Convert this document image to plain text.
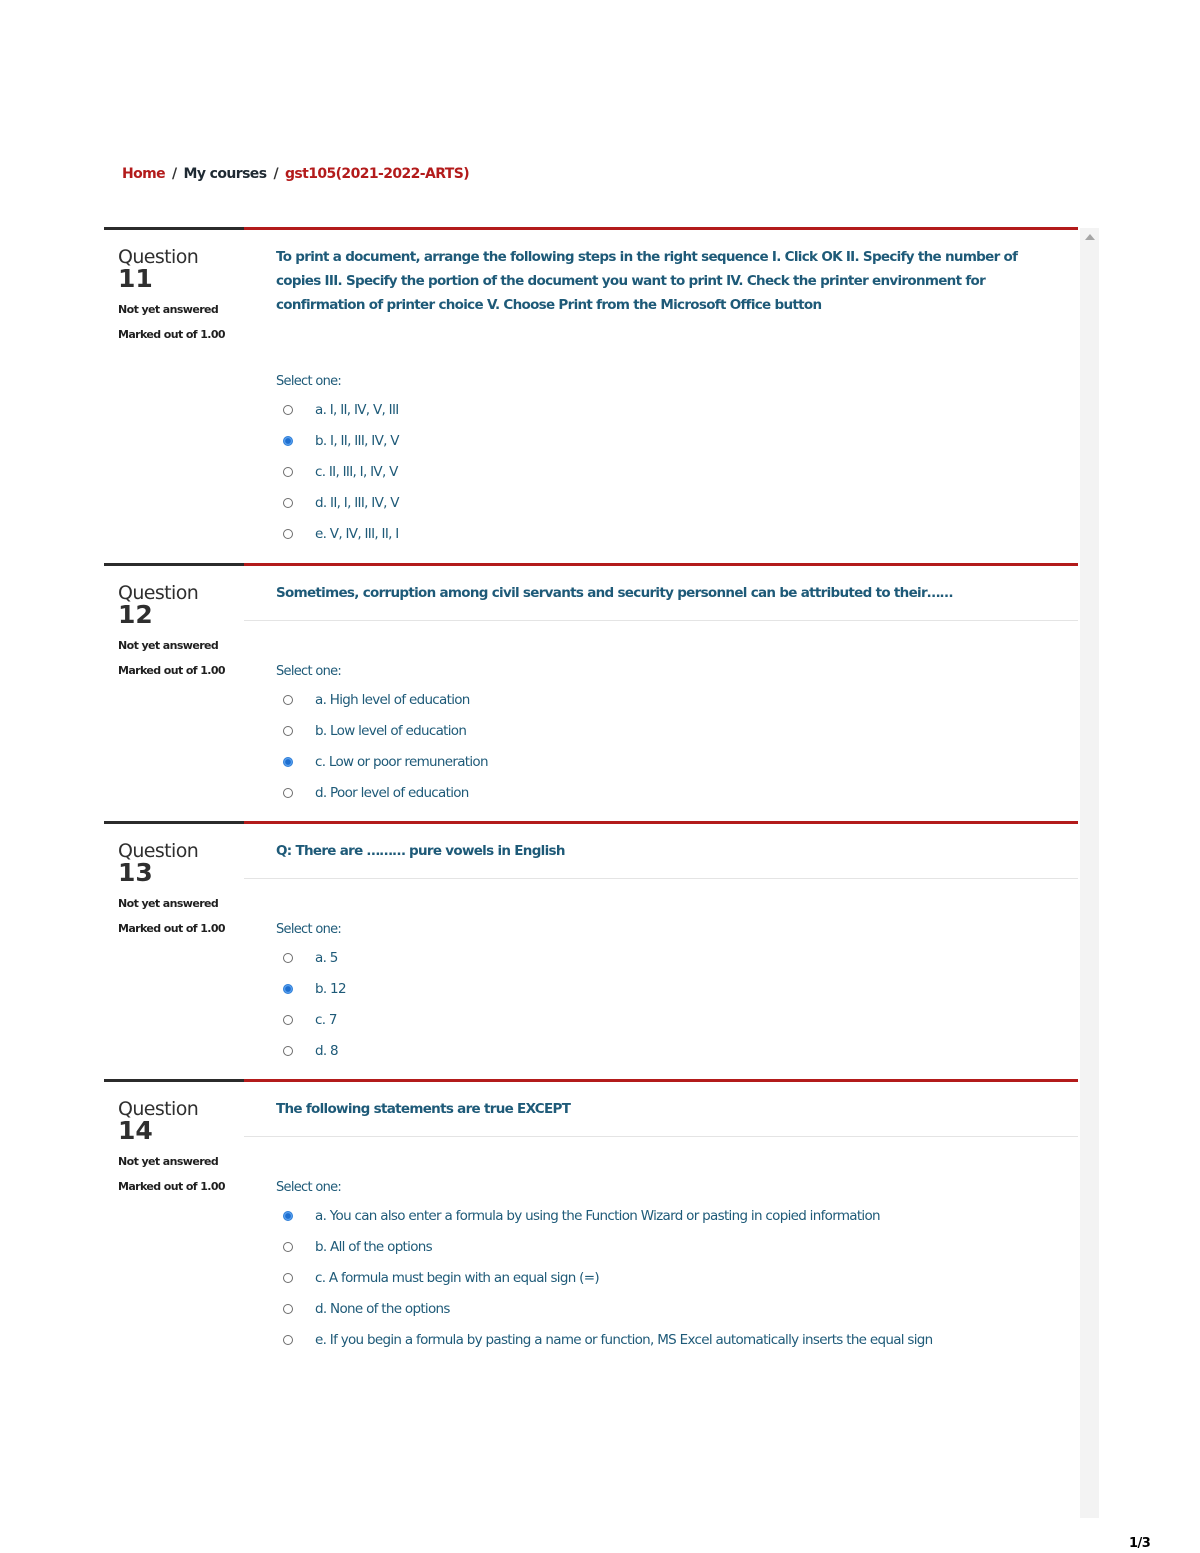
Home / My courses / gst105(2021-2022-ARTS)
Question
11
Not yet answered
Marked out of 1.00
To print a document, arrange the following steps in the right sequence I. Click OK II. Specify the number of copies III. Specify the portion of the document you want to print IV. Check the printer environment for confirmation of printer choice V. Choose Print from the Microsoft Office button
Select one:
a. I, II, IV, V, III
b. I, II, III, IV, V
c. II, III, I, IV, V
d. II, I, III, IV, V
e. V, IV, III, II, I
Question
12
Not yet answered
Marked out of 1.00
Sometimes, corruption among civil servants and security personnel can be attributed to their……
Select one:
a. High level of education
b. Low level of education
c. Low or poor remuneration
d. Poor level of education
Question
13
Not yet answered
Marked out of 1.00
Q: There are ……… pure vowels in English
Select one:
a. 5
b. 12
c. 7
d. 8
Question
14
Not yet answered
Marked out of 1.00
The following statements are true EXCEPT
Select one:
a. You can also enter a formula by using the Function Wizard or pasting in copied information
b. All of the options
c. A formula must begin with an equal sign (=)
d. None of the options
e. If you begin a formula by pasting a name or function, MS Excel automatically inserts the equal sign
1/3
